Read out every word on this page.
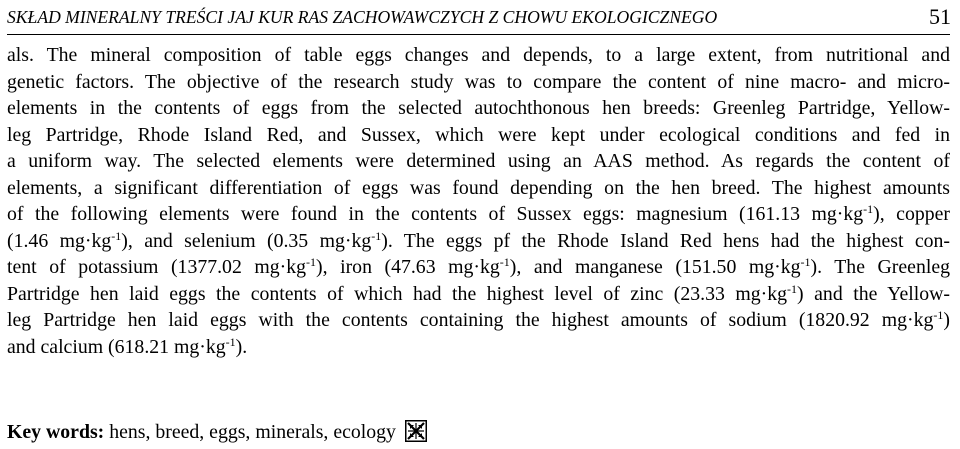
SKŁAD MINERALNY TREŚCI JAJ KUR RAS ZACHOWAWCZYCH Z CHOWU EKOLOGICZNEGO	51
als. The mineral composition of table eggs changes and depends, to a large extent, from nutritional and
genetic factors. The objective of the research study was to compare the content of nine macro- and micro-
elements in the contents of eggs from the selected autochthonous hen breeds: Greenleg Partridge, Yellow-
leg Partridge, Rhode Island Red, and Sussex, which were kept under ecological conditions and fed in
a uniform way. The selected elements were determined using an AAS method. As regards the content of
elements, a significant differentiation of eggs was found depending on the hen breed. The highest amounts
of the following elements were found in the contents of Sussex eggs: magnesium (161.13 $mg\cdot kg^{-1}$), copper
(1.46 $mg\cdot kg^{-1}$), and selenium (0.35 $mg\cdot kg^{-1}$). The eggs pf the Rhode Island Red hens had the highest con-
tent of potassium (1377.02 $mg\cdot kg^{-1}$), iron (47.63 $mg\cdot kg^{-1}$), and manganese (151.50 $mg\cdot kg^{-1}$). The Greenleg
Partridge hen laid eggs the contents of which had the highest level of zinc (23.33 $mg\cdot kg^{-1}$) and the Yellow-
leg Partridge hen laid eggs with the contents containing the highest amounts of sodium (1820.92 $mg\cdot kg^{-1}$)
and calcium (618.21 $mg\cdot kg^{-1}$).
Key words: hens, breed, eggs, minerals, ecology
